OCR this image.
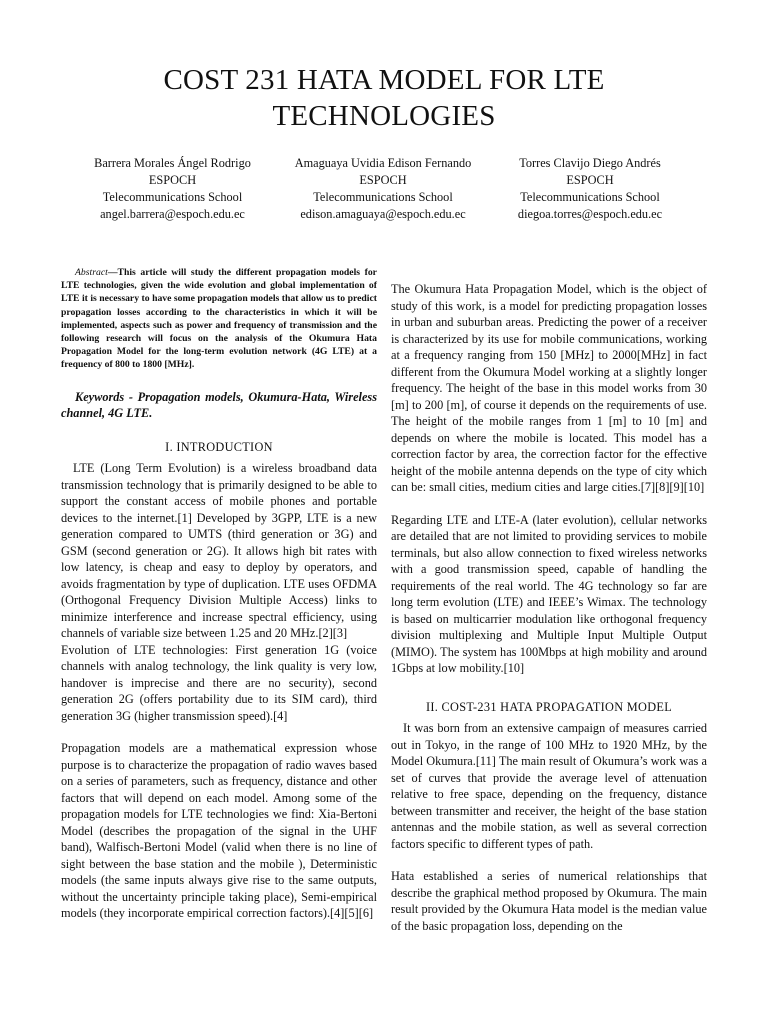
COST 231 HATA MODEL FOR LTE
TECHNOLOGIES
Barrera Morales Ángel Rodrigo
ESPOCH
Telecommunications School
angel.barrera@espoch.edu.ec
Amaguaya Uvidia Edison Fernando
ESPOCH
Telecommunications School
edison.amaguaya@espoch.edu.ec
Torres Clavijo Diego Andrés
ESPOCH
Telecommunications School
diegoa.torres@espoch.edu.ec

Abstract—This article will study the different propagation models for LTE technologies, given the wide evolution and global implementation of LTE it is necessary to have some propagation models that allow us to predict propagation losses according to the characteristics in which it will be implemented, aspects such as power and frequency of transmission and the following research will focus on the analysis of the Okumura Hata Propagation Model for the long-term evolution network (4G LTE) at a frequency of 800 to 1800 [MHz].

Keywords - Propagation models, Okumura-Hata, Wireless channel, 4G LTE.

I. INTRODUCTION

LTE (Long Term Evolution) is a wireless broadband data transmission technology that is primarily designed to be able to support the constant access of mobile phones and portable devices to the internet.[1] Developed by 3GPP, LTE is a new generation compared to UMTS (third generation or 3G) and GSM (second generation or 2G). It allows high bit rates with low latency, is cheap and easy to deploy by operators, and avoids fragmentation by type of duplication. LTE uses OFDMA (Orthogonal Frequency Division Multiple Access) links to minimize interference and increase spectral efficiency, using channels of variable size between 1.25 and 20 MHz.[2][3]

Evolution of LTE technologies: First generation 1G (voice channels with analog technology, the link quality is very low, handover is imprecise and there are no security), second generation 2G (offers portability due to its SIM card), third generation 3G (higher transmission speed).[4]

Propagation models are a mathematical expression whose purpose is to characterize the propagation of radio waves based on a series of parameters, such as frequency, distance and other factors that will depend on each model. Among some of the propagation models for LTE technologies we find: Xia-Bertoni Model (describes the propagation of the signal in the UHF band), Walfisch-Bertoni Model (valid when there is no line of sight between the base station and the mobile ), Deterministic models (the same inputs always give rise to the same outputs, without the uncertainty principle taking place), Semi-empirical models (they incorporate empirical correction factors).[4][5][6]

The Okumura Hata Propagation Model, which is the object of study of this work, is a model for predicting propagation losses in urban and suburban areas. Predicting the power of a receiver is characterized by its use for mobile communications, working at a frequency ranging from 150 [MHz] to 2000[MHz] in fact different from the Okumura Model working at a slightly longer frequency. The height of the base in this model works from 30 [m] to 200 [m], of course it depends on the requirements of use. The height of the mobile ranges from 1 [m] to 10 [m] and depends on where the mobile is located. This model has a correction factor by area, the correction factor for the effective height of the mobile antenna depends on the type of city which can be: small cities, medium cities and large cities.[7][8][9][10]

Regarding LTE and LTE-A (later evolution), cellular networks are detailed that are not limited to providing services to mobile terminals, but also allow connection to fixed wireless networks with a good transmission speed, capable of handling the requirements of the real world. The 4G technology so far are long term evolution (LTE) and IEEE’s Wimax. The technology is based on multicarrier modulation like orthogonal frequency division multiplexing and Multiple Input Multiple Output (MIMO). The system has 100Mbps at high mobility and around 1Gbps at low mobility.[10]

II. COST-231 HATA PROPAGATION MODEL

It was born from an extensive campaign of measures carried out in Tokyo, in the range of 100 MHz to 1920 MHz, by the Model Okumura.[11] The main result of Okumura’s work was a set of curves that provide the average level of attenuation relative to free space, depending on the frequency, distance between transmitter and receiver, the height of the base station antennas and the mobile station, as well as several correction factors specific to different types of path.

Hata established a series of numerical relationships that describe the graphical method proposed by Okumura. The main result provided by the Okumura Hata model is the median value of the basic propagation loss, depending on the
